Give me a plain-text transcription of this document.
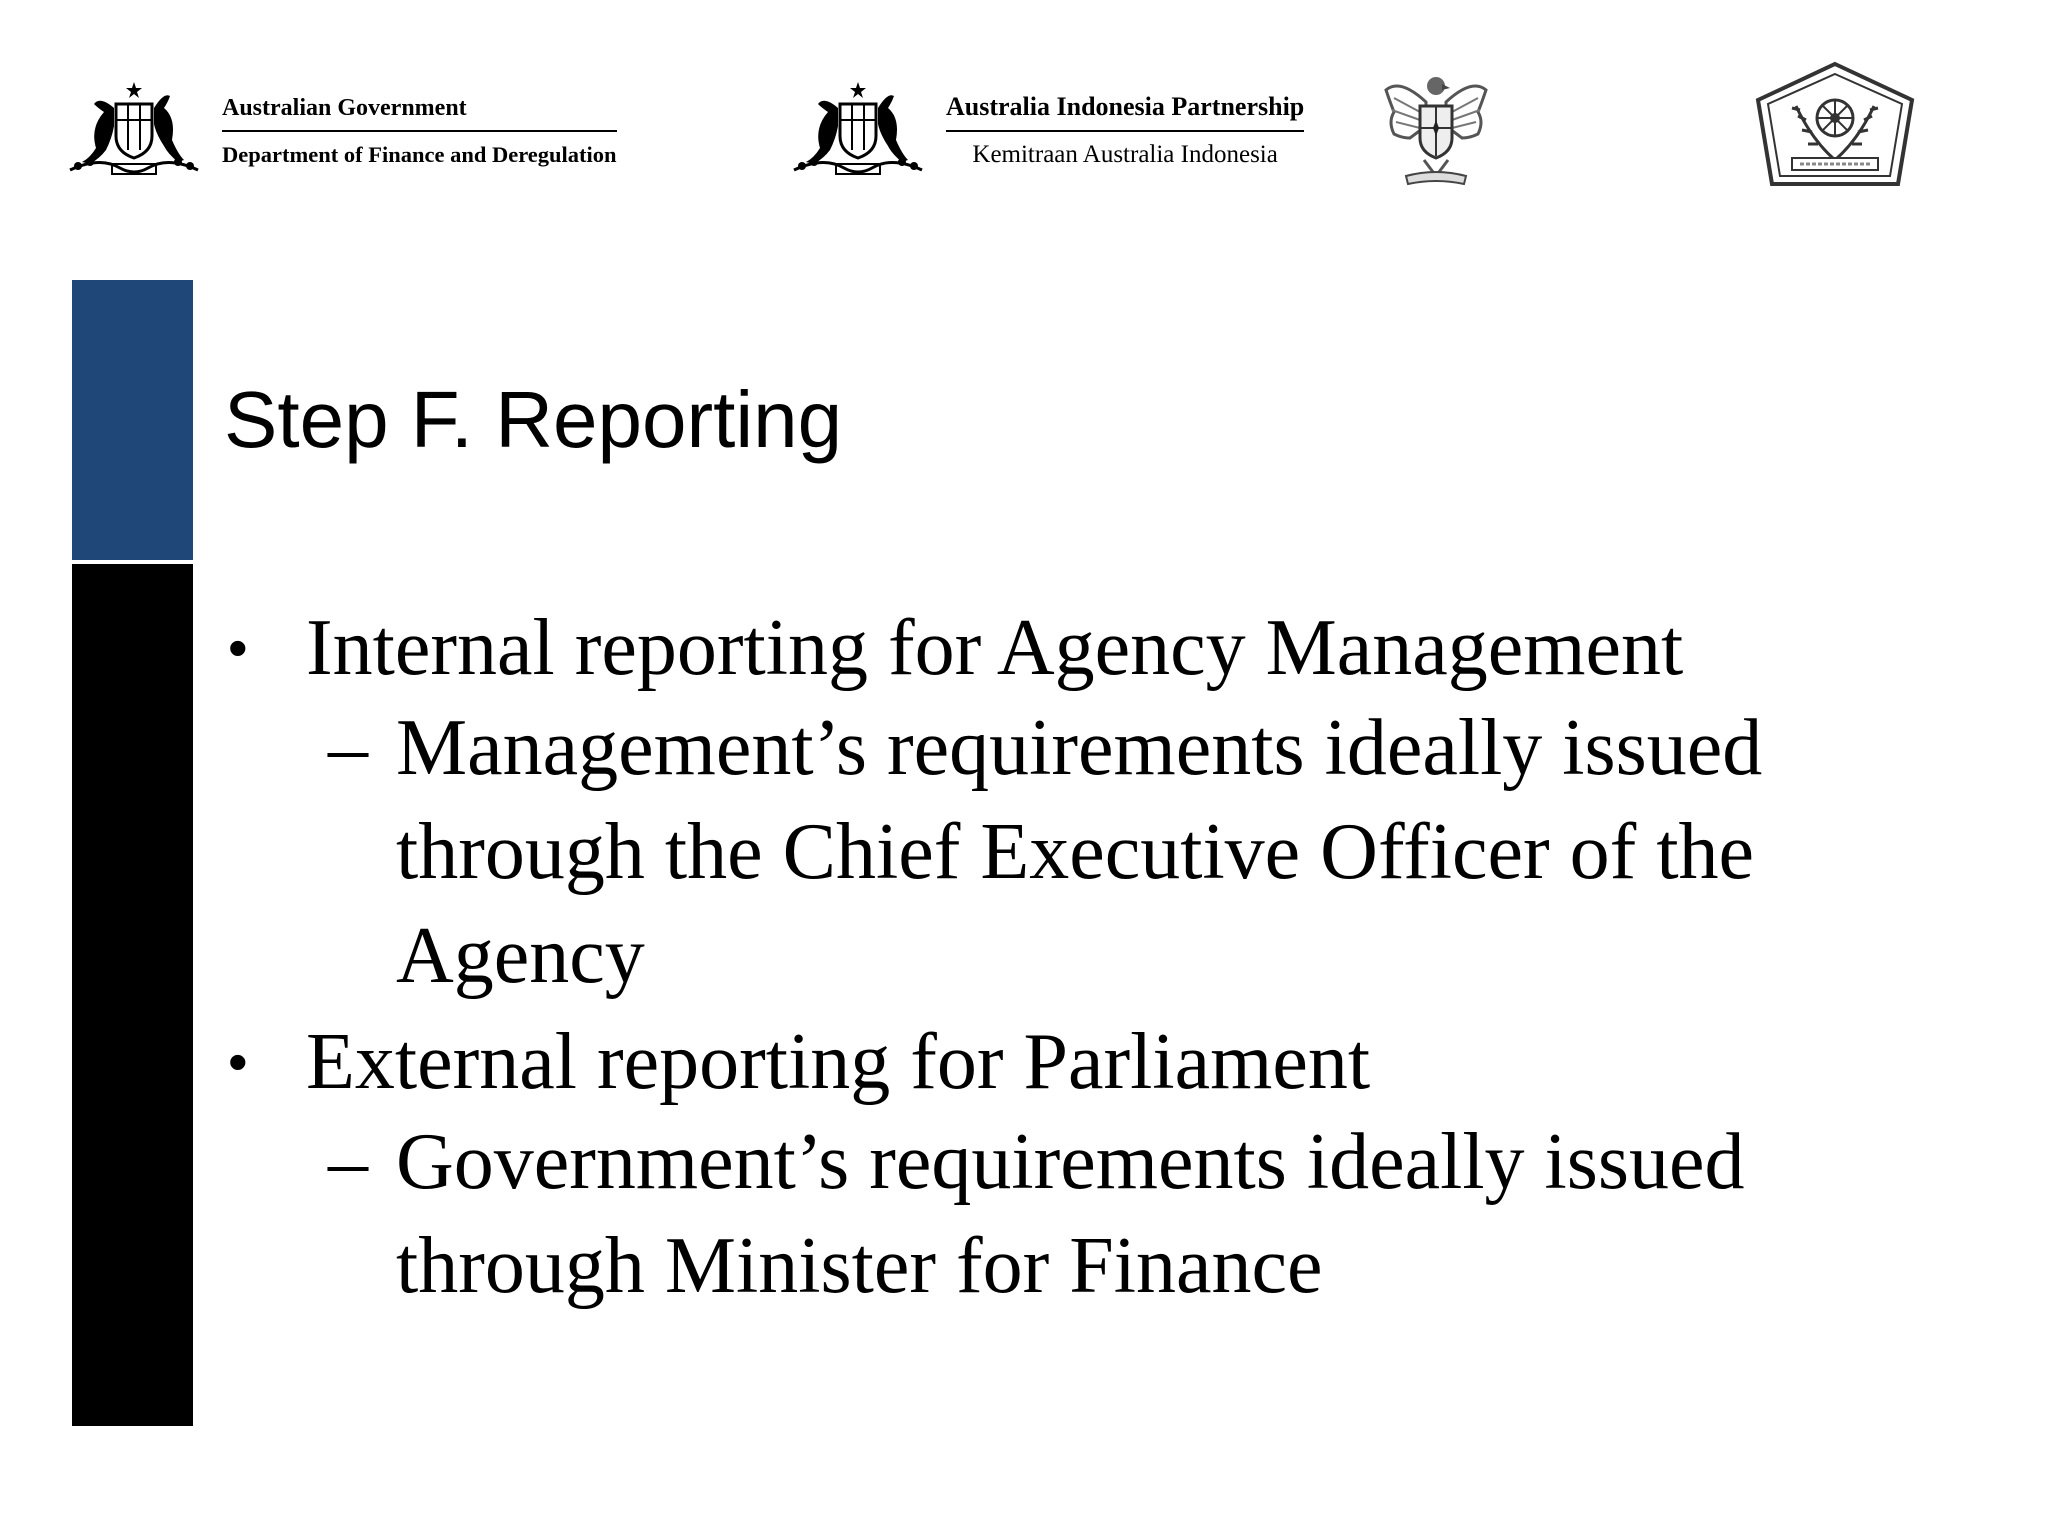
Australian Government
Department of Finance and Deregulation
Australia Indonesia Partnership
Kemitraan Australia Indonesia
Step F. Reporting
• Internal reporting for Agency Management
– Management’s requirements ideally issued through the Chief Executive Officer of the Agency
• External reporting for Parliament
– Government’s requirements ideally issued through Minister for Finance
